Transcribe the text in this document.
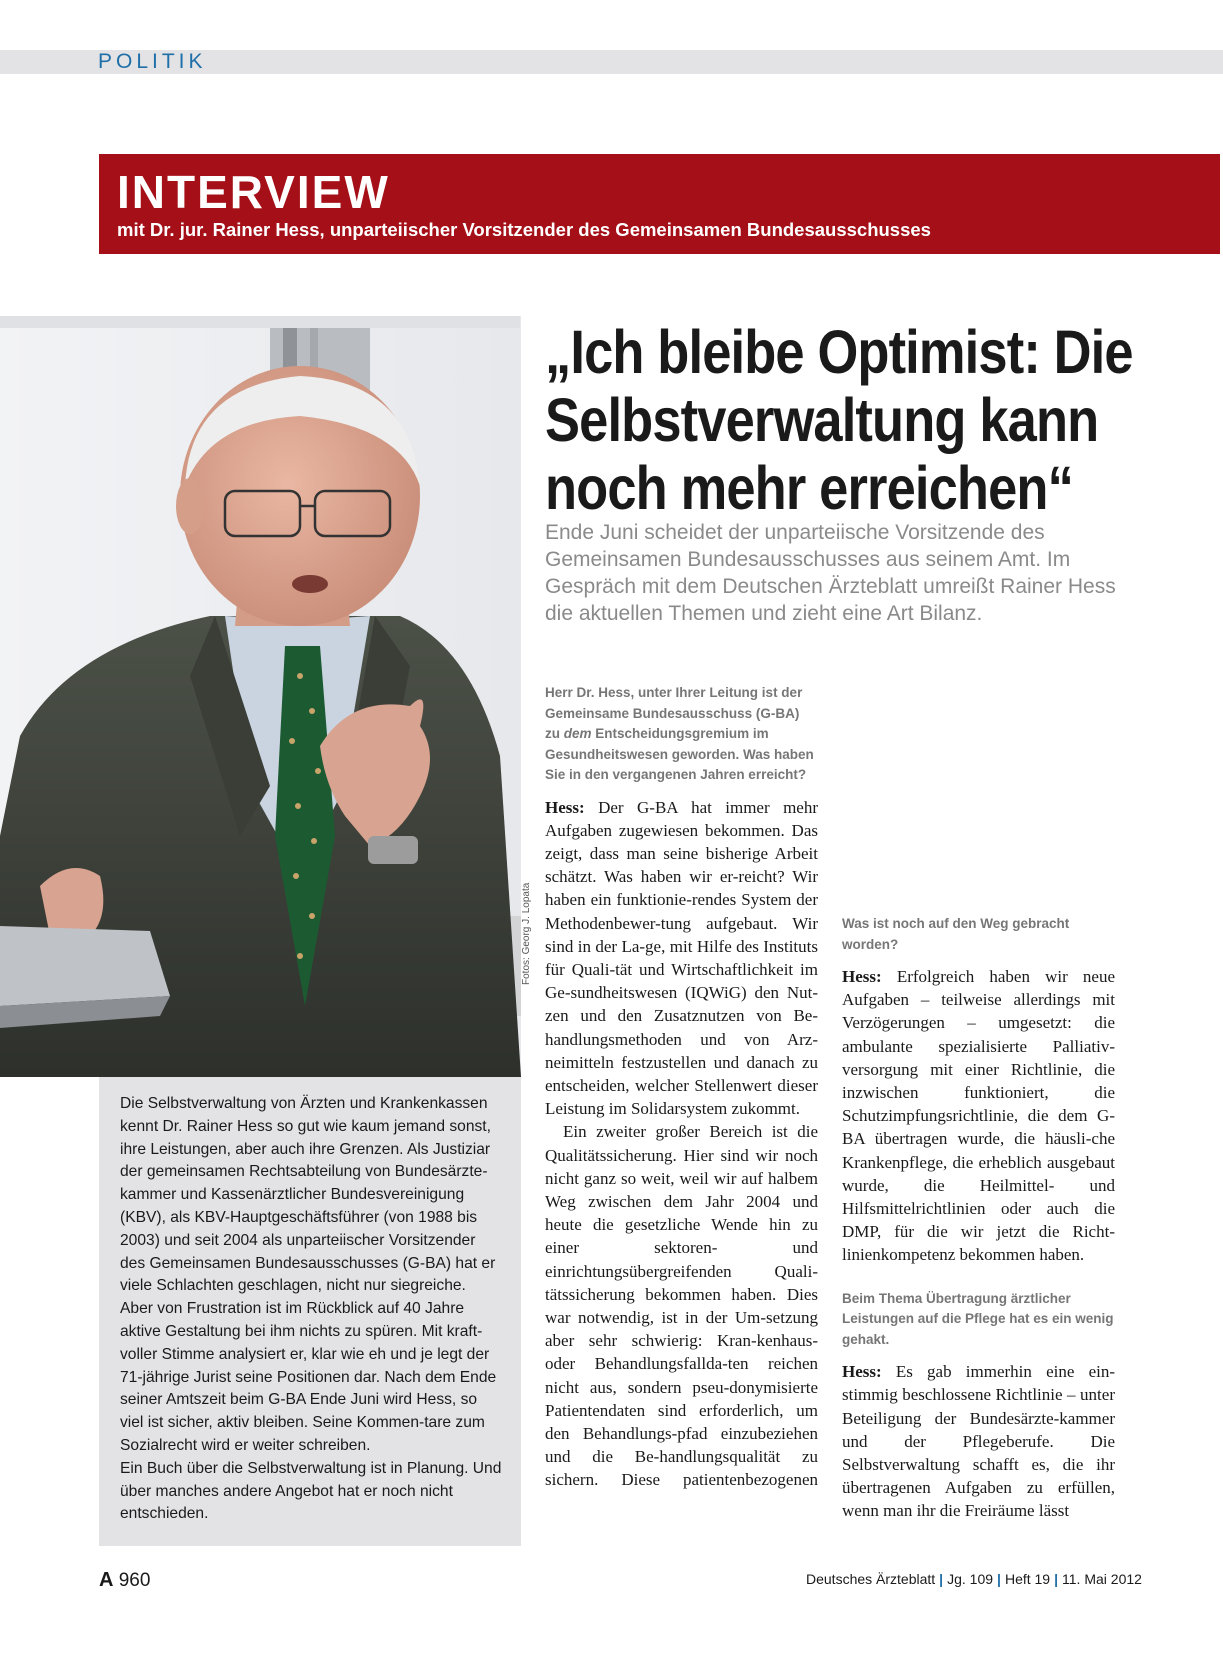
POLITIK
INTERVIEW
mit Dr. jur. Rainer Hess, unparteiischer Vorsitzender des Gemeinsamen Bundesausschusses
Fotos: Georg J. Lopata
„Ich bleibe Optimist: Die
Selbstverwaltung kann
noch mehr erreichen“
Ende Juni scheidet der unparteiische Vorsitzende des Gemeinsamen Bundesausschusses aus seinem Amt. Im Gespräch mit dem Deutschen Ärzteblatt umreißt Rainer Hess die aktuellen Themen und zieht eine Art Bilanz.
Die Selbstverwaltung von Ärzten und Krankenkassen kennt Dr. Rainer Hess so gut wie kaum jemand sonst, ihre Leistungen, aber auch ihre Grenzen. Als Justiziar der gemeinsamen Rechtsabteilung von Bundesärzte-kammer und Kassenärztlicher Bundesvereinigung (KBV), als KBV-Hauptgeschäftsführer (von 1988 bis 2003) und seit 2004 als unparteiischer Vorsitzender des Gemeinsamen Bundesausschusses (G-BA) hat er viele Schlachten geschlagen, nicht nur siegreiche. Aber von Frustration ist im Rückblick auf 40 Jahre aktive Gestaltung bei ihm nichts zu spüren. Mit kraft-voller Stimme analysiert er, klar wie eh und je legt der 71-jährige Jurist seine Positionen dar. Nach dem Ende seiner Amtszeit beim G-BA Ende Juni wird Hess, so viel ist sicher, aktiv bleiben. Seine Kommen-tare zum Sozialrecht wird er weiter schreiben.
Ein Buch über die Selbstverwaltung ist in Planung. Und über manches andere Angebot hat er noch nicht entschieden.
Herr Dr. Hess, unter Ihrer Leitung ist der Gemeinsame Bundesausschuss (G-BA) zu dem Entscheidungsgremium im Gesundheitswesen geworden. Was haben Sie in den vergangenen Jahren erreicht?

Hess: Der G-BA hat immer mehr Aufgaben zugewiesen bekommen. Das zeigt, dass man seine bisherige Arbeit schätzt. Was haben wir er-reicht? Wir haben ein funktionie-rendes System der Methodenbewer-tung aufgebaut. Wir sind in der La-ge, mit Hilfe des Instituts für Quali-tät und Wirtschaftlichkeit im Ge-sundheitswesen (IQWiG) den Nut-zen und den Zusatznutzen von Be-handlungsmethoden und von Arz-neimitteln festzustellen und danach zu entscheiden, welcher Stellenwert dieser Leistung im Solidarsystem zukommt.

Ein zweiter großer Bereich ist die Qualitätssicherung. Hier sind wir noch nicht ganz so weit, weil wir auf halbem Weg zwischen dem Jahr 2004 und heute die gesetzliche Wende hin zu einer sektoren- und einrichtungsübergreifenden Quali-tätssicherung bekommen haben. Dies war notwendig, ist in der Um-setzung aber sehr schwierig: Kran-kenhaus- oder Behandlungsfallda-ten reichen nicht aus, sondern pseu-donymisierte Patientendaten sind erforderlich, um den Behandlungs-pfad einzubeziehen und die Be-handlungsqualität zu sichern. Diese patientenbezogenen

Was ist noch auf den Weg gebracht worden?

Hess: Erfolgreich haben wir neue Aufgaben – teilweise allerdings mit Verzögerungen – umgesetzt: die ambulante spezialisierte Palliativ-versorgung mit einer Richtlinie, die inzwischen funktioniert, die Schutzimpfungsrichtlinie, die dem G-BA übertragen wurde, die häusli-che Krankenpflege, die erheblich ausgebaut wurde, die Heilmittel- und Hilfsmittelrichtlinien oder auch die DMP, für die wir jetzt die Richt-linienkompetenz bekommen haben.

Beim Thema Übertragung ärztlicher Leistungen auf die Pflege hat es ein wenig gehakt.

Hess: Es gab immerhin eine ein-stimmig beschlossene Richtlinie – unter Beteiligung der Bundesärzte-kammer und der Pflegeberufe. Die Selbstverwaltung schafft es, die ihr übertragenen Aufgaben zu erfüllen, wenn man ihr die Freiräume lässt

A 960	Deutsches Ärzteblatt | Jg. 109 | Heft 19 | 11. Mai 2012
